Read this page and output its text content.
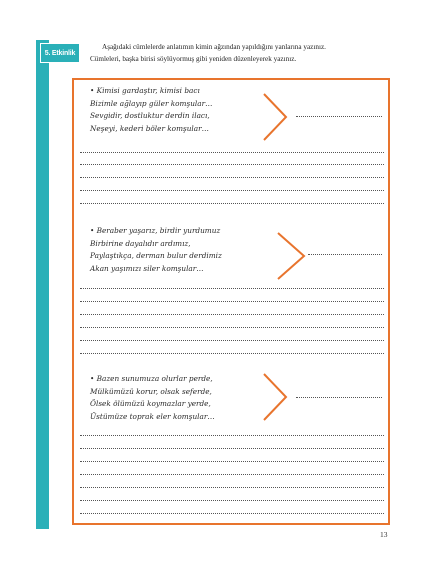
5. Etkinlik
Aşağıdaki cümlelerde anlatımın kimin ağzından yapıldığını yanlarına yazınız.
Cümleleri, başka birisi söylüyormuş gibi yeniden düzenleyerek yazınız.
• Kimisi gardaştır, kimisi bacı
Bizimle ağlayıp güler komşular…
Sevgidir, dostluktur derdin ilacı,
Neşeyi, kederi böler komşular…
• Beraber yaşarız, birdir yurdumuz
Birbirine dayalıdır ardımız,
Paylaştıkça, derman bulur derdimiz
Akan yaşımızı siler komşular…
• Bazen sunumuza olurlar perde,
Mülkümüzü korur, olsak seferde,
Ölsek ölümüzü koymazlar yerde,
Üstümüze toprak eler komşular…
13
